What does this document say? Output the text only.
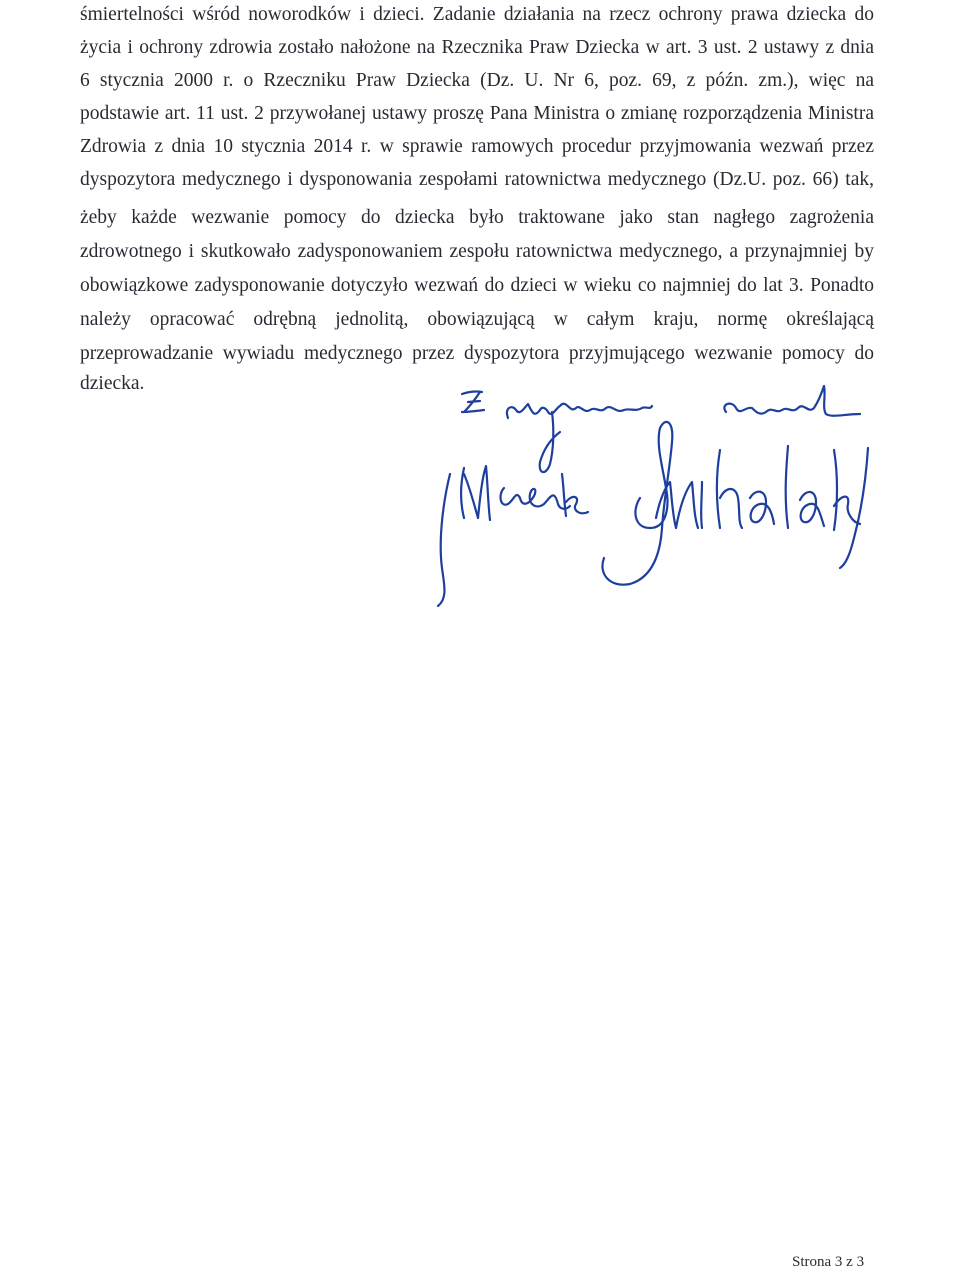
śmiertelności wśród noworodków i dzieci. Zadanie działania na rzecz ochrony prawa dziecka do
życia i ochrony zdrowia zostało nałożone na Rzecznika Praw Dziecka w art. 3 ust. 2 ustawy z dnia
6 stycznia 2000 r. o Rzeczniku Praw Dziecka (Dz. U. Nr 6, poz. 69, z późn. zm.), więc na
podstawie art. 11 ust. 2 przywołanej ustawy proszę Pana Ministra o zmianę rozporządzenia Ministra
Zdrowia z dnia 10 stycznia 2014 r. w sprawie ramowych procedur przyjmowania wezwań przez
dyspozytora medycznego i dysponowania zespołami ratownictwa medycznego (Dz.U. poz. 66) tak,
żeby każde wezwanie pomocy do dziecka było traktowane jako stan nagłego zagrożenia
zdrowotnego i skutkowało zadysponowaniem zespołu ratownictwa medycznego, a przynajmniej by
obowiązkowe zadysponowanie dotyczyło wezwań do dzieci w wieku co najmniej do lat 3. Ponadto
należy opracować odrębną jednolitą, obowiązującą w całym kraju, normę określającą
przeprowadzanie wywiadu medycznego przez dyspozytora przyjmującego wezwanie pomocy do
dziecka.
Strona 3 z 3
